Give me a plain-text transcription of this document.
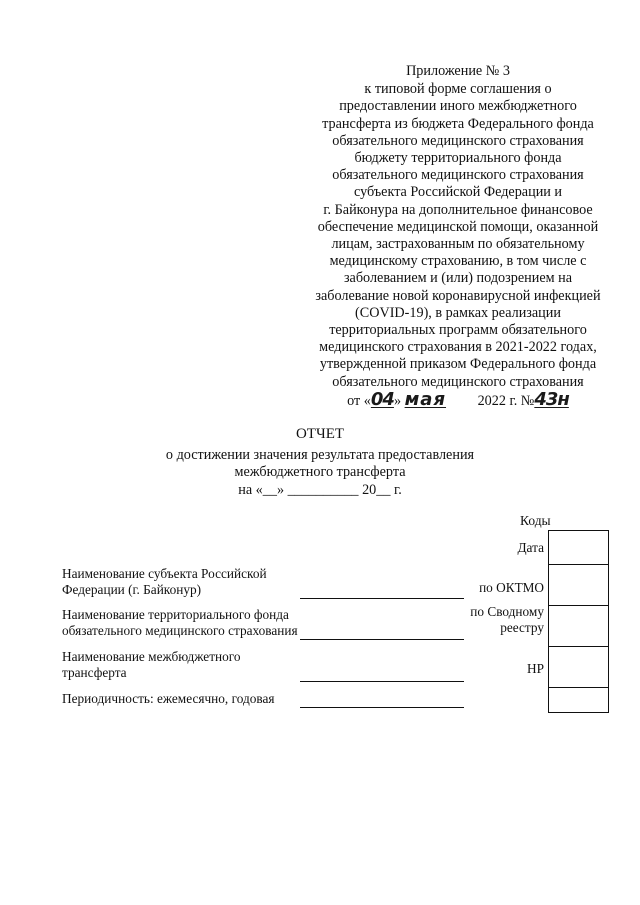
Приложение № 3
к типовой форме соглашения о
предоставлении иного межбюджетного
трансферта из бюджета Федерального фонда
обязательного медицинского страхования
бюджету территориального фонда
обязательного медицинского страхования
субъекта Российской Федерации и
г. Байконура на дополнительное финансовое
обеспечение медицинской помощи, оказанной
лицам, застрахованным по обязательному
медицинскому страхованию, в том числе с
заболеванием и (или) подозрением на
заболевание новой коронавирусной инфекцией
(COVID-19), в рамках реализации
территориальных программ обязательного
медицинского страхования в 2021-2022 годах,
утвержденной приказом Федерального фонда
обязательного медицинского страхования
от «04» мая 2022 г. №43н
ОТЧЕТ
о достижении значения результата предоставления
межбюджетного трансферта
на «__» __________ 20__ г.
Коды
Дата
по ОКТМО
по Сводному
реестру
НР
Наименование субъекта Российской
Федерации (г. Байконур)
Наименование территориального фонда
обязательного медицинского страхования
Наименование межбюджетного
трансферта
Периодичность: ежемесячно, годовая
